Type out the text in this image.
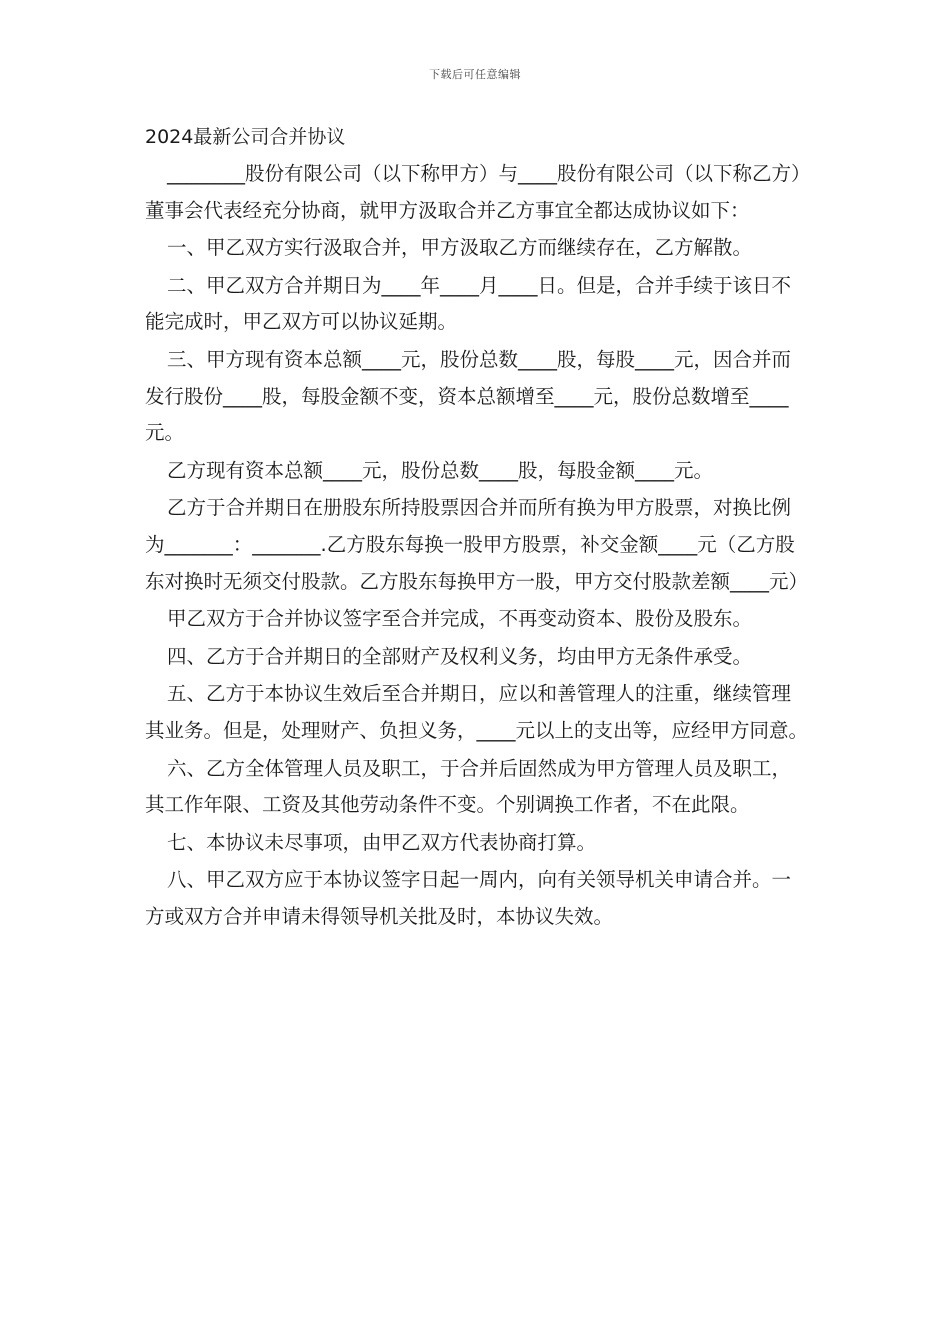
下载后可任意编辑
2024最新公司合并协议

________股份有限公司（以下称甲方）与____股份有限公司（以下称乙方）董事会代表经充分协商，就甲方汲取合并乙方事宜全都达成协议如下：

一、甲乙双方实行汲取合并，甲方汲取乙方而继续存在，乙方解散。

二、甲乙双方合并期日为____年____月____日。但是，合并手续于该日不能完成时，甲乙双方可以协议延期。

三、甲方现有资本总额____元，股份总数____股，每股____元，因合并而发行股份____股，每股金额不变，资本总额增至____元，股份总数增至____元。

乙方现有资本总额____元，股份总数____股，每股金额____元。

乙方于合并期日在册股东所持股票因合并而所有换为甲方股票，对换比例为_______：_______.乙方股东每换一股甲方股票，补交金额____元（乙方股东对换时无须交付股款。乙方股东每换甲方一股，甲方交付股款差额____元）

甲乙双方于合并协议签字至合并完成，不再变动资本、股份及股东。

四、乙方于合并期日的全部财产及权利义务，均由甲方无条件承受。

五、乙方于本协议生效后至合并期日，应以和善管理人的注重，继续管理其业务。但是，处理财产、负担义务，____元以上的支出等，应经甲方同意。

六、乙方全体管理人员及职工，于合并后固然成为甲方管理人员及职工，其工作年限、工资及其他劳动条件不变。个别调换工作者，不在此限。

七、本协议未尽事项，由甲乙双方代表协商打算。

八、甲乙双方应于本协议签字日起一周内，向有关领导机关申请合并。一方或双方合并申请未得领导机关批及时，本协议失效。
